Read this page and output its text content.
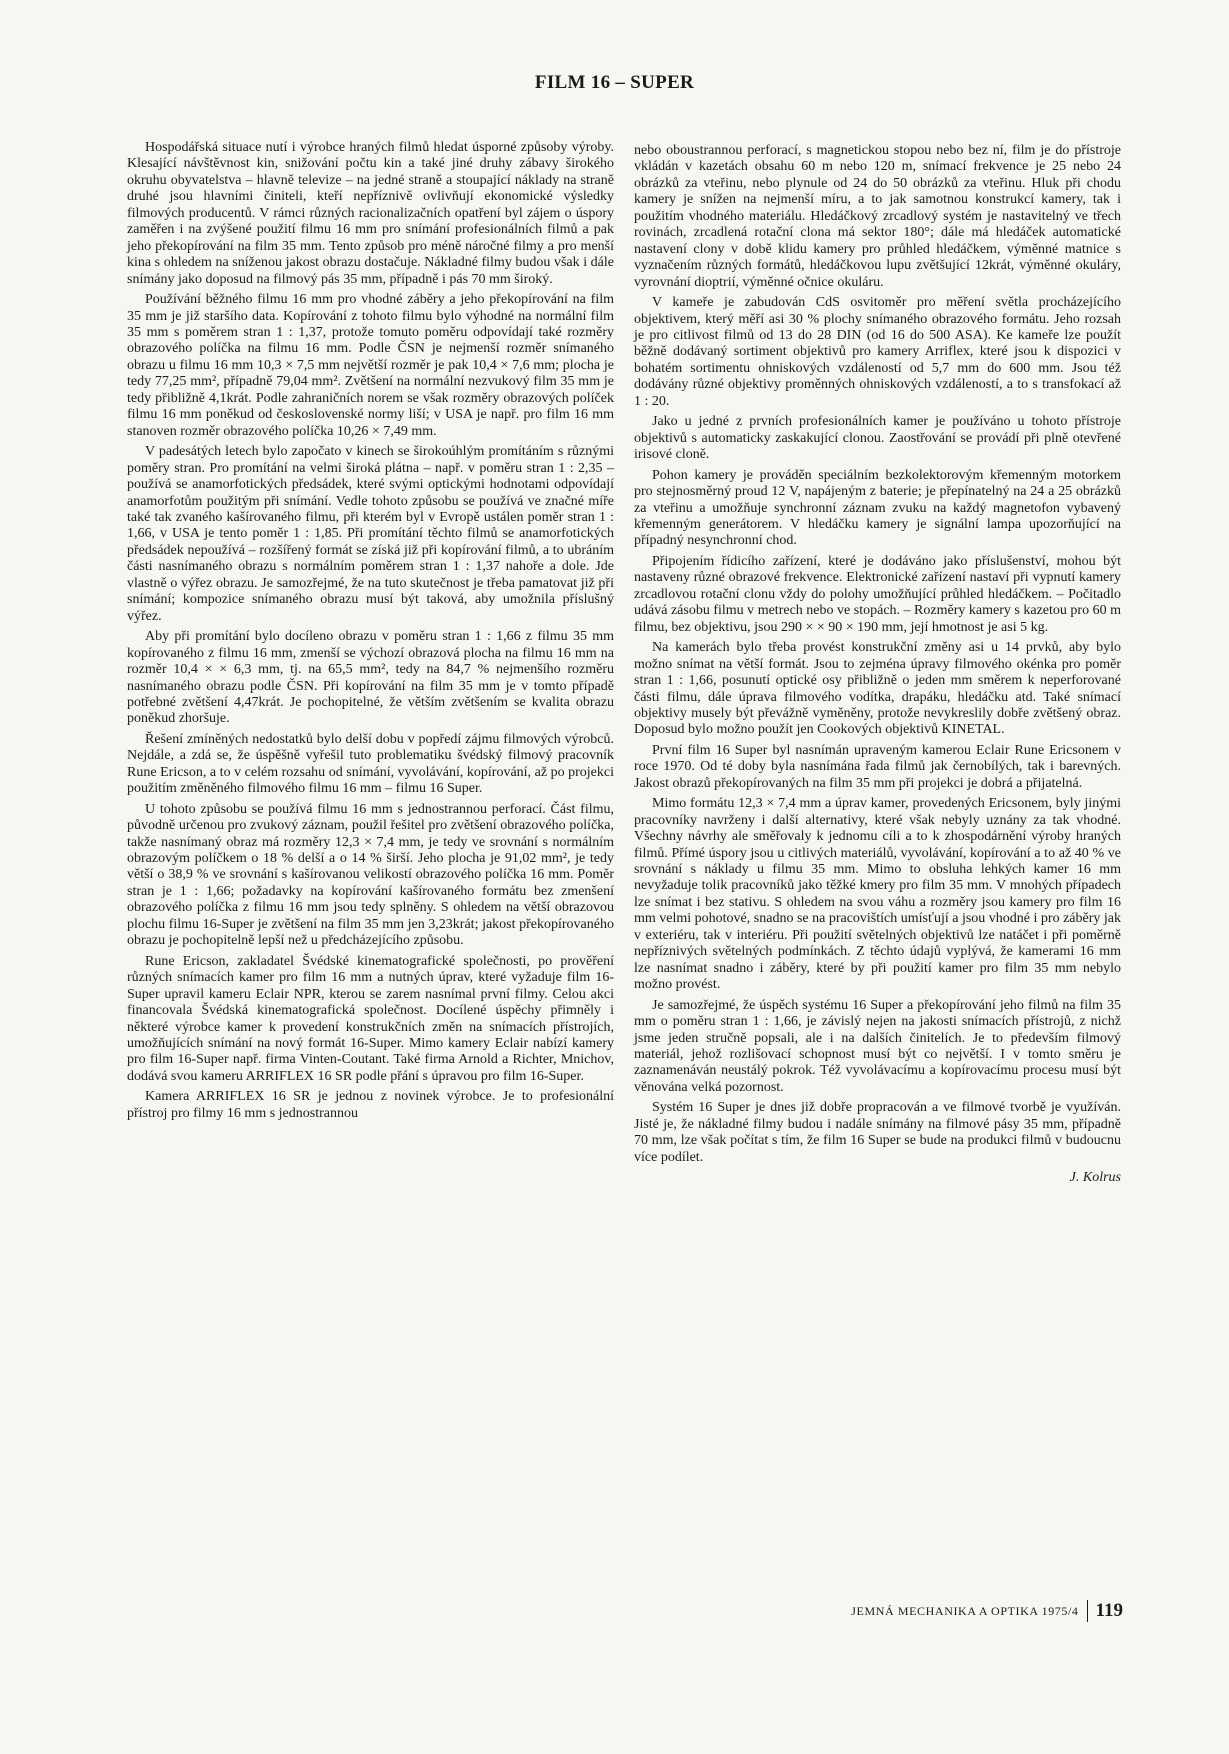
FILM 16 – SUPER

Hospodářská situace nutí i výrobce hraných filmů hledat úsporné způsoby výroby. Klesající návštěvnost kin, snižování počtu kin a také jiné druhy zábavy širokého okruhu obyvatelstva – hlavně televize – na jedné straně a stoupající náklady na straně druhé jsou hlavními činiteli, kteří nepříznivě ovlivňují ekonomické výsledky filmových producentů. V rámci různých racionalizačních opatření byl zájem o úspory zaměřen i na zvýšené použití filmu 16 mm pro snímání profesionálních filmů a pak jeho překopírování na film 35 mm. Tento způsob pro méně náročné filmy a pro menší kina s ohledem na sníženou jakost obrazu dostačuje. Nákladné filmy budou však i dále snímány jako doposud na filmový pás 35 mm, případně i pás 70 mm široký.

Používání běžného filmu 16 mm pro vhodné záběry a jeho překopírování na film 35 mm je již staršího data. Kopírování z tohoto filmu bylo výhodné na normální film 35 mm s poměrem stran 1 : 1,37, protože tomuto poměru odpovídají také rozměry obrazového políčka na filmu 16 mm. Podle ČSN je nejmenší rozměr snímaného obrazu u filmu 16 mm 10,3 × 7,5 mm největší rozměr je pak 10,4 × 7,6 mm; plocha je tedy 77,25 mm², případně 79,04 mm². Zvětšení na normální nezvukový film 35 mm je tedy přibližně 4,1krát. Podle zahraničních norem se však rozměry obrazových políček filmu 16 mm poněkud od československé normy liší; v USA je např. pro film 16 mm stanoven rozměr obrazového políčka 10,26 × 7,49 mm.

V padesátých letech bylo započato v kinech se širokoúhlým promítáním s různými poměry stran. Pro promítání na velmi široká plátna – např. v poměru stran 1 : 2,35 – používá se anamorfotických předsádek, které svými optickými hodnotami odpovídají anamorfotům použitým při snímání. Vedle tohoto způsobu se používá ve značné míře také tak zvaného kašírovaného filmu, při kterém byl v Evropě ustálen poměr stran 1 : 1,66, v USA je tento poměr 1 : 1,85. Při promítání těchto filmů se anamorfotických předsádek nepoužívá – rozšířený formát se získá již při kopírování filmů, a to ubráním části nasnímaného obrazu s normálním poměrem stran 1 : 1,37 nahoře a dole. Jde vlastně o výřez obrazu. Je samozřejmé, že na tuto skutečnost je třeba pamatovat již při snímání; kompozice snímaného obrazu musí být taková, aby umožnila příslušný výřez.

Aby při promítání bylo docíleno obrazu v poměru stran 1 : 1,66 z filmu 35 mm kopírovaného z filmu 16 mm, zmenší se výchozí obrazová plocha na filmu 16 mm na rozměr 10,4 × × 6,3 mm, tj. na 65,5 mm², tedy na 84,7 % nejmenšího rozměru nasnímaného obrazu podle ČSN. Při kopírování na film 35 mm je v tomto případě potřebné zvětšení 4,47krát. Je pochopitelné, že větším zvětšením se kvalita obrazu poněkud zhoršuje.

Řešení zmíněných nedostatků bylo delší dobu v popředí zájmu filmových výrobců. Nejdále, a zdá se, že úspěšně vyřešil tuto problematiku švédský filmový pracovník Rune Ericson, a to v celém rozsahu od snímání, vyvolávání, kopírování, až po projekci použitím změněného filmového filmu 16 mm – filmu 16 Super.

U tohoto způsobu se používá filmu 16 mm s jednostrannou perforací. Část filmu, původně určenou pro zvukový záznam, použil řešitel pro zvětšení obrazového políčka, takže nasnímaný obraz má rozměry 12,3 × 7,4 mm, je tedy ve srovnání s normálním obrazovým políčkem o 18 % delší a o 14 % širší. Jeho plocha je 91,02 mm², je tedy větší o 38,9 % ve srovnání s kašírovanou velikostí obrazového políčka 16 mm. Poměr stran je 1 : 1,66; požadavky na kopírování kašírovaného formátu bez zmenšení obrazového políčka z filmu 16 mm jsou tedy splněny. S ohledem na větší obrazovou plochu filmu 16-Super je zvětšení na film 35 mm jen 3,23krát; jakost překopírovaného obrazu je pochopitelně lepší než u předcházejícího způsobu.

Rune Ericson, zakladatel Švédské kinematografické společnosti, po prověření různých snímacích kamer pro film 16 mm a nutných úprav, které vyžaduje film 16-Super upravil kameru Eclair NPR, kterou se zarem nasnímal první filmy. Celou akci financovala Švédská kinematografická společnost. Docílené úspěchy přimněly i některé výrobce kamer k provedení konstrukčních změn na snímacích přístrojích, umožňujících snímání na nový formát 16-Super. Mimo kamery Eclair nabízí kamery pro film 16-Super např. firma Vinten-Coutant. Také firma Arnold a Richter, Mnichov, dodává svou kameru ARRIFLEX 16 SR podle přání s úpravou pro film 16-Super.

Kamera ARRIFLEX 16 SR je jednou z novinek výrobce. Je to profesionální přístroj pro filmy 16 mm s jednostrannou

nebo oboustrannou perforací, s magnetickou stopou nebo bez ní, film je do přístroje vkládán v kazetách obsahu 60 m nebo 120 m, snímací frekvence je 25 nebo 24 obrázků za vteřinu, nebo plynule od 24 do 50 obrázků za vteřinu. Hluk při chodu kamery je snížen na nejmenší míru, a to jak samotnou konstrukcí kamery, tak i použitím vhodného materiálu. Hledáčkový zrcadlový systém je nastavitelný ve třech rovinách, zrcadlená rotační clona má sektor 180°; dále má hledáček automatické nastavení clony v době klidu kamery pro průhled hledáčkem, výměnné matnice s vyznačením různých formátů, hledáčkovou lupu zvětšující 12krát, výměnné okuláry, vyrovnání dioptrií, výměnné očnice okuláru.

V kameře je zabudován CdS osvitoměr pro měření světla procházejícího objektivem, který měří asi 30 % plochy snímaného obrazového formátu. Jeho rozsah je pro citlivost filmů od 13 do 28 DIN (od 16 do 500 ASA). Ke kameře lze použít běžně dodávaný sortiment objektivů pro kamery Arriflex, které jsou k dispozici v bohatém sortimentu ohniskových vzdáleností od 5,7 mm do 600 mm. Jsou též dodávány různé objektivy proměnných ohniskových vzdáleností, a to s transfokací až 1 : 20.

Jako u jedné z prvních profesionálních kamer je používáno u tohoto přístroje objektivů s automaticky zaskakující clonou. Zaostřování se provádí při plně otevřené irisové cloně.

Pohon kamery je prováděn speciálním bezkolektorovým křemenným motorkem pro stejnosměrný proud 12 V, napájeným z baterie; je přepínatelný na 24 a 25 obrázků za vteřinu a umožňuje synchronní záznam zvuku na každý magnetofon vybavený křemenným generátorem. V hledáčku kamery je signální lampa upozorňující na případný nesynchronní chod.

Připojením řídicího zařízení, které je dodáváno jako příslušenství, mohou být nastaveny různé obrazové frekvence. Elektronické zařízení nastaví při vypnutí kamery zrcadlovou rotační clonu vždy do polohy umožňující průhled hledáčkem. – Počitadlo udává zásobu filmu v metrech nebo ve stopách. – Rozměry kamery s kazetou pro 60 m filmu, bez objektivu, jsou 290 × × 90 × 190 mm, její hmotnost je asi 5 kg.

Na kamerách bylo třeba provést konstrukční změny asi u 14 prvků, aby bylo možno snímat na větší formát. Jsou to zejména úpravy filmového okénka pro poměr stran 1 : 1,66, posunutí optické osy přibližně o jeden mm směrem k neperforované části filmu, dále úprava filmového vodítka, drapáku, hledáčku atd. Také snímací objektivy musely být převážně vyměněny, protože nevykreslily dobře zvětšený obraz. Doposud bylo možno použít jen Cookových objektivů KINETAL.

První film 16 Super byl nasnímán upraveným kamerou Eclair Rune Ericsonem v roce 1970. Od té doby byla nasnímána řada filmů jak černobílých, tak i barevných. Jakost obrazů překopírovaných na film 35 mm při projekci je dobrá a přijatelná.

Mimo formátu 12,3 × 7,4 mm a úprav kamer, provedených Ericsonem, byly jinými pracovníky navrženy i další alternativy, které však nebyly uznány za tak vhodné. Všechny návrhy ale směřovaly k jednomu cíli a to k zhospodárnění výroby hraných filmů. Přímé úspory jsou u citlivých materiálů, vyvolávání, kopírování a to až 40 % ve srovnání s náklady u filmu 35 mm. Mimo to obsluha lehkých kamer 16 mm nevyžaduje tolik pracovníků jako těžké kmery pro film 35 mm. V mnohých případech lze snímat i bez stativu. S ohledem na svou váhu a rozměry jsou kamery pro film 16 mm velmi pohotové, snadno se na pracovištích umísťují a jsou vhodné i pro záběry jak v exteriéru, tak v interiéru. Při použití světelných objektivů lze natáčet i při poměrně nepříznivých světelných podmínkách. Z těchto údajů vyplývá, že kamerami 16 mm lze nasnímat snadno i záběry, které by při použití kamer pro film 35 mm nebylo možno provést.

Je samozřejmé, že úspěch systému 16 Super a překopírování jeho filmů na film 35 mm o poměru stran 1 : 1,66, je závislý nejen na jakosti snímacích přístrojů, z nichž jsme jeden stručně popsali, ale i na dalších činitelích. Je to především filmový materiál, jehož rozlišovací schopnost musí být co největší. I v tomto směru je zaznamenáván neustálý pokrok. Též vyvolávacímu a kopírovacímu procesu musí být věnována velká pozornost.

Systém 16 Super je dnes již dobře propracován a ve filmové tvorbě je využíván. Jisté je, že nákladné filmy budou i nadále snímány na filmové pásy 35 mm, případně 70 mm, lze však počítat s tím, že film 16 Super se bude na produkci filmů v budoucnu více podílet.

J. Kolrus
JEMNÁ MECHANIKA A OPTIKA 1975/4 119
